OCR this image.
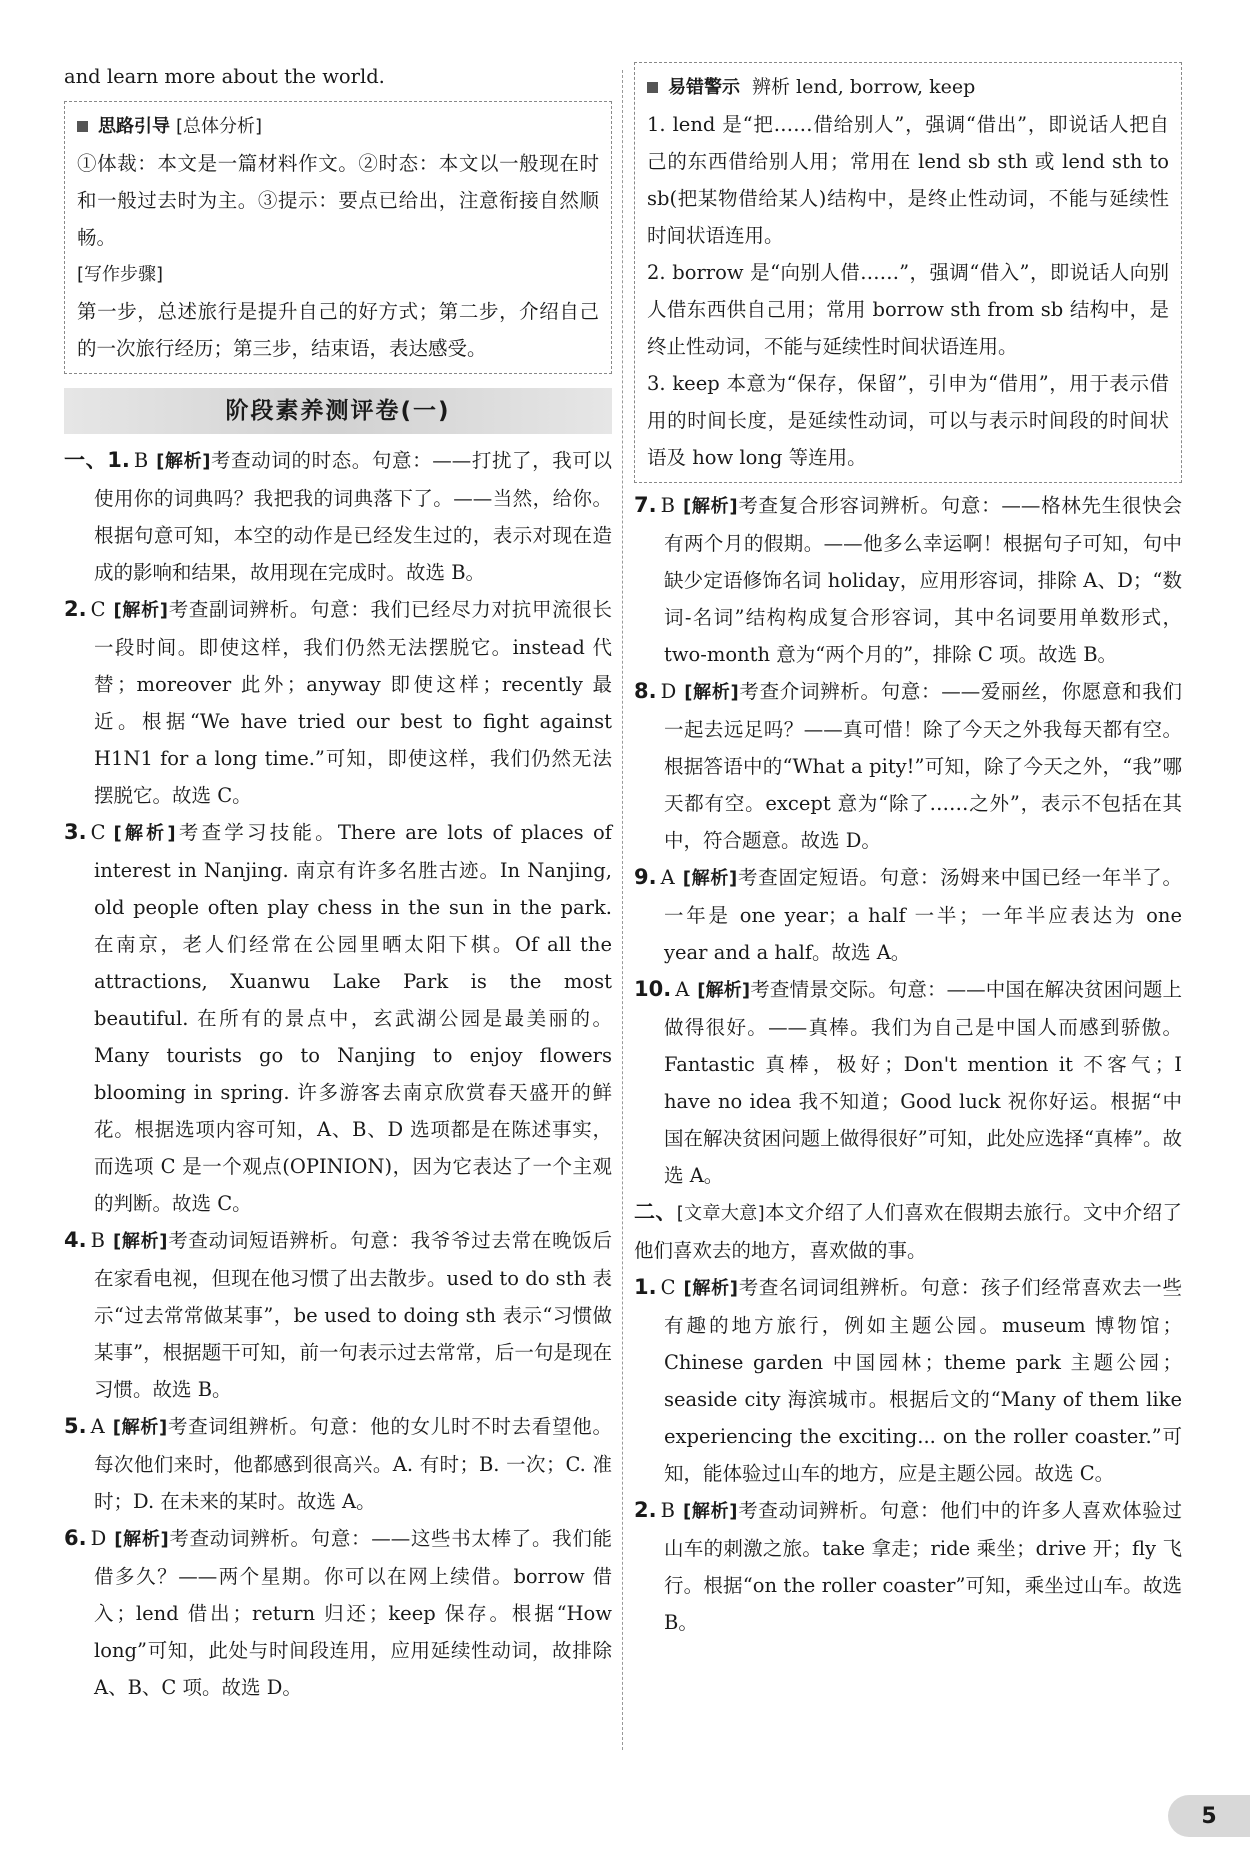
and learn more about the world.

思路引导 [总体分析]

①体裁：本文是一篇材料作文。②时态：本文以一般现在时和一般过去时为主。③提示：要点已给出，注意衔接自然顺畅。

[写作步骤]

第一步，总述旅行是提升自己的好方式；第二步，介绍自己的一次旅行经历；第三步，结束语，表达感受。

阶段素养测评卷(一)

一、1. B [解析]考查动词的时态。句意：——打扰了，我可以使用你的词典吗？我把我的词典落下了。——当然，给你。根据句意可知，本空的动作是已经发生过的，表示对现在造成的影响和结果，故用现在完成时。故选 B。

2. C [解析]考查副词辨析。句意：我们已经尽力对抗甲流很长一段时间。即使这样，我们仍然无法摆脱它。instead 代替；moreover 此外；anyway 即使这样；recently 最近。根据“We have tried our best to fight against H1N1 for a long time.”可知，即使这样，我们仍然无法摆脱它。故选 C。

3. C [解析]考查学习技能。There are lots of places of interest in Nanjing. 南京有许多名胜古迹。In Nanjing, old people often play chess in the sun in the park. 在南京，老人们经常在公园里晒太阳下棋。Of all the attractions, Xuanwu Lake Park is the most beautiful. 在所有的景点中，玄武湖公园是最美丽的。Many tourists go to Nanjing to enjoy flowers blooming in spring. 许多游客去南京欣赏春天盛开的鲜花。根据选项内容可知，A、B、D 选项都是在陈述事实，而选项 C 是一个观点(OPINION)，因为它表达了一个主观的判断。故选 C。

4. B [解析]考查动词短语辨析。句意：我爷爷过去常在晚饭后在家看电视，但现在他习惯了出去散步。used to do sth 表示“过去常常做某事”，be used to doing sth 表示“习惯做某事”，根据题干可知，前一句表示过去常常，后一句是现在习惯。故选 B。

5. A [解析]考查词组辨析。句意：他的女儿时不时去看望他。每次他们来时，他都感到很高兴。A. 有时；B. 一次；C. 准时；D. 在未来的某时。故选 A。

6. D [解析]考查动词辨析。句意：——这些书太棒了。我们能借多久？——两个星期。你可以在网上续借。borrow 借入；lend 借出；return 归还；keep 保存。根据“How long”可知，此处与时间段连用，应用延续性动词，故排除 A、B、C 项。故选 D。

易错警示 辨析 lend, borrow, keep

1. lend 是“把……借给别人”，强调“借出”，即说话人把自己的东西借给别人用；常用在 lend sb sth 或 lend sth to sb(把某物借给某人)结构中，是终止性动词，不能与延续性时间状语连用。

2. borrow 是“向别人借……”，强调“借入”，即说话人向别人借东西供自己用；常用 borrow sth from sb 结构中，是终止性动词，不能与延续性时间状语连用。

3. keep 本意为“保存，保留”，引申为“借用”，用于表示借用的时间长度，是延续性动词，可以与表示时间段的时间状语及 how long 等连用。

7. B [解析]考查复合形容词辨析。句意：——格林先生很快会有两个月的假期。——他多么幸运啊！根据句子可知，句中缺少定语修饰名词 holiday，应用形容词，排除 A、D；“数词-名词”结构构成复合形容词，其中名词要用单数形式，two-month 意为“两个月的”，排除 C 项。故选 B。

8. D [解析]考查介词辨析。句意：——爱丽丝，你愿意和我们一起去远足吗？——真可惜！除了今天之外我每天都有空。根据答语中的“What a pity!”可知，除了今天之外，“我”哪天都有空。except 意为“除了……之外”，表示不包括在其中，符合题意。故选 D。

9. A [解析]考查固定短语。句意：汤姆来中国已经一年半了。一年是 one year；a half 一半；一年半应表达为 one year and a half。故选 A。

10. A [解析]考查情景交际。句意：——中国在解决贫困问题上做得很好。——真棒。我们为自己是中国人而感到骄傲。Fantastic 真棒，极好；Don't mention it 不客气；I have no idea 我不知道；Good luck 祝你好运。根据“中国在解决贫困问题上做得很好”可知，此处应选择“真棒”。故选 A。

二、[文章大意]本文介绍了人们喜欢在假期去旅行。文中介绍了他们喜欢去的地方，喜欢做的事。

1. C [解析]考查名词词组辨析。句意：孩子们经常喜欢去一些有趣的地方旅行，例如主题公园。museum 博物馆；Chinese garden 中国园林；theme park 主题公园；seaside city 海滨城市。根据后文的“Many of them like experiencing the exciting... on the roller coaster.”可知，能体验过山车的地方，应是主题公园。故选 C。

2. B [解析]考查动词辨析。句意：他们中的许多人喜欢体验过山车的刺激之旅。take 拿走；ride 乘坐；drive 开；fly 飞行。根据“on the roller coaster”可知，乘坐过山车。故选 B。

5
